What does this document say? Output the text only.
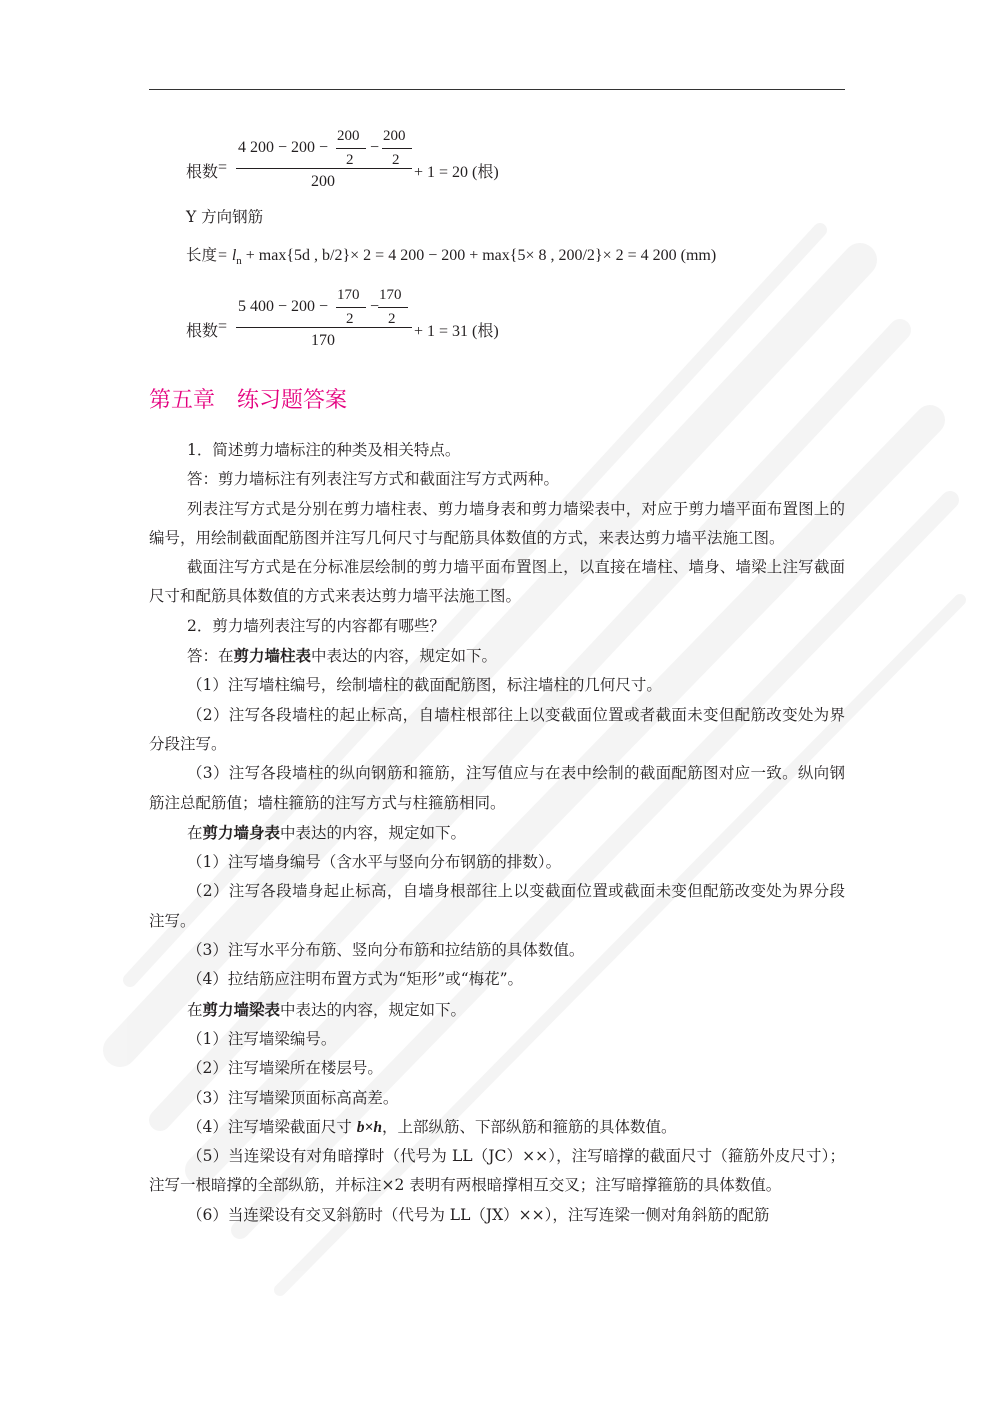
根数 =
4 200 − 200 −
200
2
−
200
2
200
+ 1 = 20 (根)
Y 方向钢筋
长度= $l_n + \max\{5d$ , b/2}× 2 = 4 200 − 200 + max{5× 8 , 200/2}× 2 = 4 200 (mm)
根数 =
5 400 − 200 −
170
2
−
170
2
170
+ 1 = 31 (根)
第五章　练习题答案

1．简述剪力墙标注的种类及相关特点。

答：剪力墙标注有列表注写方式和截面注写方式两种。

列表注写方式是分别在剪力墙柱表、剪力墙身表和剪力墙梁表中，对应于剪力墙平面布置图上的编号，用绘制截面配筋图并注写几何尺寸与配筋具体数值的方式，来表达剪力墙平法施工图。

截面注写方式是在分标准层绘制的剪力墙平面布置图上，以直接在墙柱、墙身、墙梁上注写截面尺寸和配筋具体数值的方式来表达剪力墙平法施工图。

2．剪力墙列表注写的内容都有哪些？

答：在剪力墙柱表中表达的内容，规定如下。

（1）注写墙柱编号，绘制墙柱的截面配筋图，标注墙柱的几何尺寸。

（2）注写各段墙柱的起止标高，自墙柱根部往上以变截面位置或者截面未变但配筋改变处为界分段注写。

（3）注写各段墙柱的纵向钢筋和箍筋，注写值应与在表中绘制的截面配筋图对应一致。纵向钢筋注总配筋值；墙柱箍筋的注写方式与柱箍筋相同。

在剪力墙身表中表达的内容，规定如下。

（1）注写墙身编号（含水平与竖向分布钢筋的排数）。

（2）注写各段墙身起止标高，自墙身根部往上以变截面位置或截面未变但配筋改变处为界分段注写。

（3）注写水平分布筋、竖向分布筋和拉结筋的具体数值。

（4）拉结筋应注明布置方式为“矩形”或“梅花”。

在剪力墙梁表中表达的内容，规定如下。

（1）注写墙梁编号。

（2）注写墙梁所在楼层号。

（3）注写墙梁顶面标高高差。

（4）注写墙梁截面尺寸 b×h，上部纵筋、下部纵筋和箍筋的具体数值。

（5）当连梁设有对角暗撑时（代号为 LL（JC）××），注写暗撑的截面尺寸（箍筋外皮尺寸）；注写一根暗撑的全部纵筋，并标注×2 表明有两根暗撑相互交叉；注写暗撑箍筋的具体数值。

（6）当连梁设有交叉斜筋时（代号为 LL（JX）××），注写连梁一侧对角斜筋的配筋
